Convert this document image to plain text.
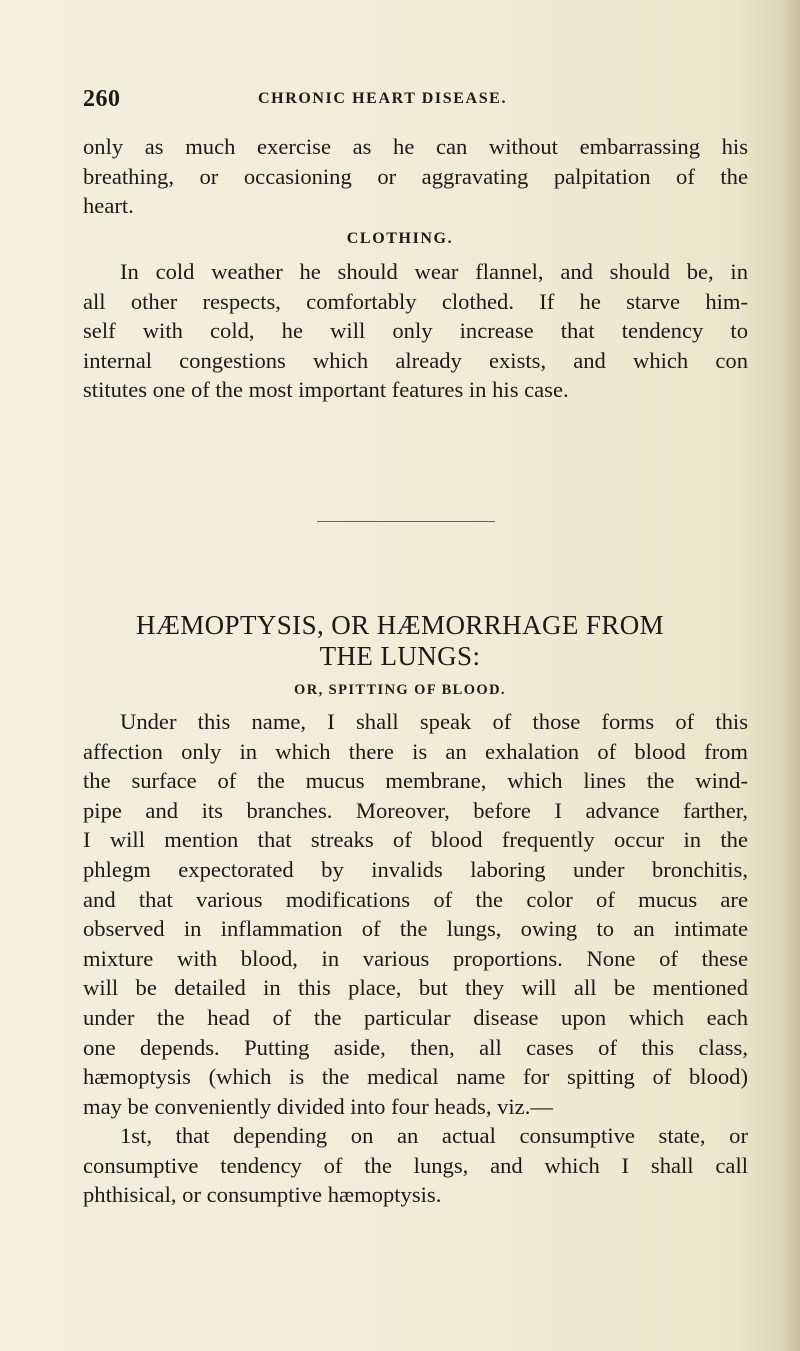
260	CHRONIC HEART DISEASE.
only as much exercise as he can without embarrassing his
breathing, or occasioning or aggravating palpitation of the
heart.
CLOTHING.
In cold weather he should wear flannel, and should be, in
all other respects, comfortably clothed. If he starve him-
self with cold, he will only increase that tendency to
internal congestions which already exists, and which con
stitutes one of the most important features in his case.
HÆMOPTYSIS, OR HÆMORRHAGE FROM
THE LUNGS:
OR, SPITTING OF BLOOD.
Under this name, I shall speak of those forms of this
affection only in which there is an exhalation of blood from
the surface of the mucus membrane, which lines the wind-
pipe and its branches. Moreover, before I advance farther,
I will mention that streaks of blood frequently occur in the
phlegm expectorated by invalids laboring under bronchitis,
and that various modifications of the color of mucus are
observed in inflammation of the lungs, owing to an intimate
mixture with blood, in various proportions. None of these
will be detailed in this place, but they will all be mentioned
under the head of the particular disease upon which each
one depends. Putting aside, then, all cases of this class,
hæmoptysis (which is the medical name for spitting of blood)
may be conveniently divided into four heads, viz.—
1st, that depending on an actual consumptive state, or
consumptive tendency of the lungs, and which I shall call
phthisical, or consumptive hæmoptysis.
